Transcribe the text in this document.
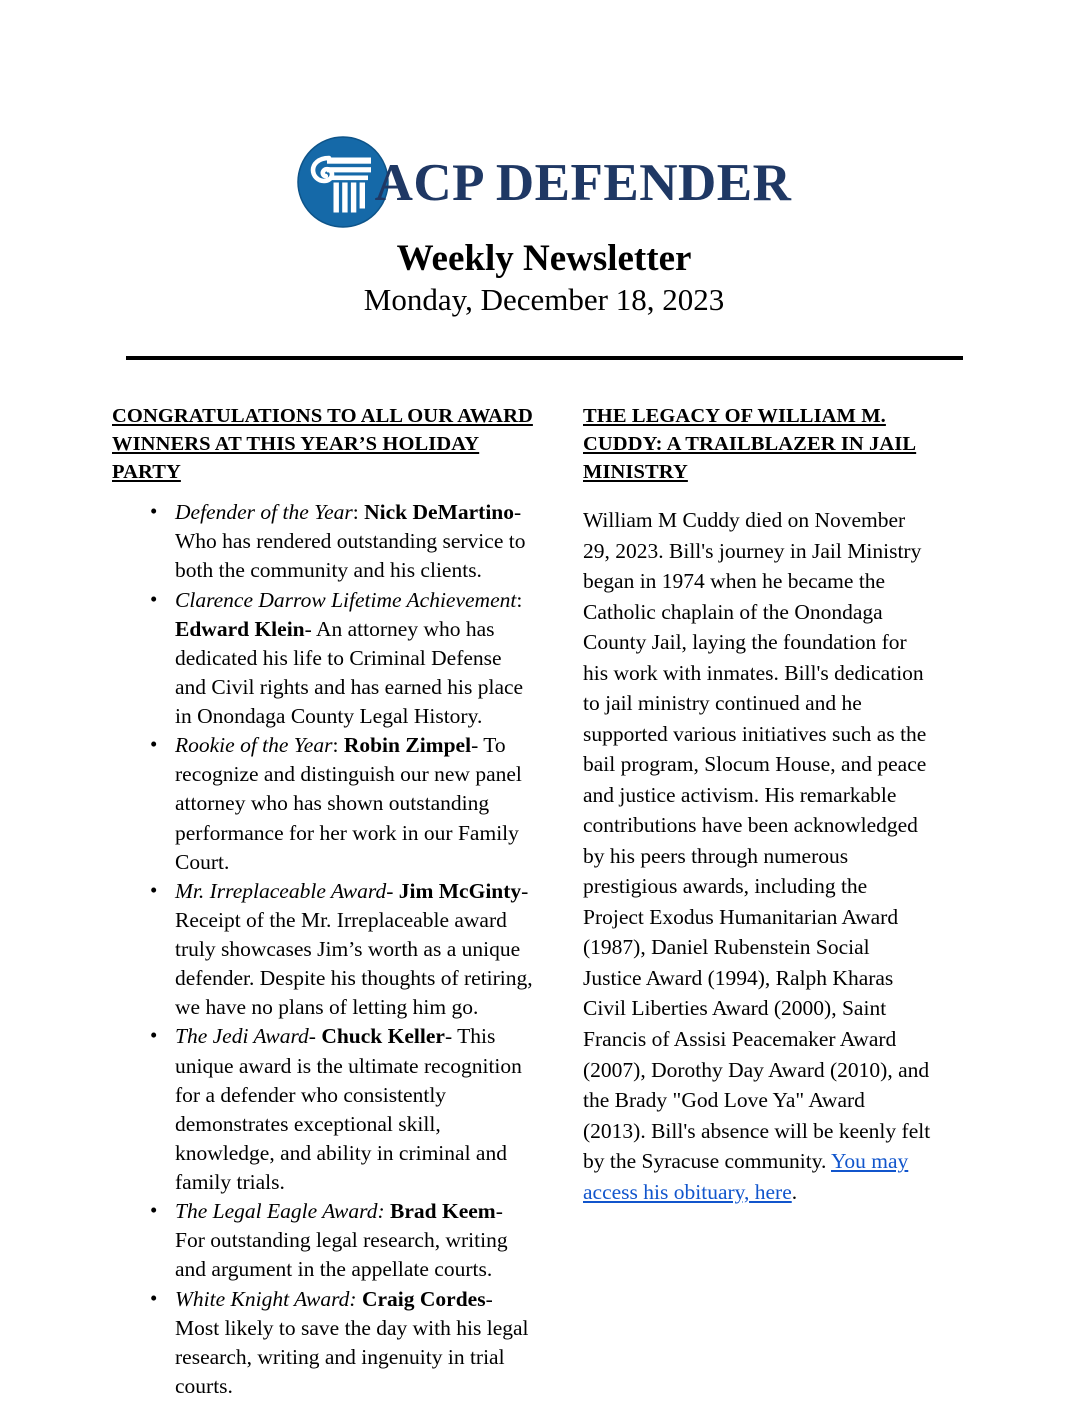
ACP DEFENDER
Weekly Newsletter
Monday, December 18, 2023
CONGRATULATIONS TO ALL OUR AWARD WINNERS AT THIS YEAR’S HOLIDAY PARTY
• Defender of the Year: Nick DeMartino- Who has rendered outstanding service to both the community and his clients.
• Clarence Darrow Lifetime Achievement: Edward Klein- An attorney who has dedicated his life to Criminal Defense and Civil rights and has earned his place in Onondaga County Legal History.
• Rookie of the Year: Robin Zimpel- To recognize and distinguish our new panel attorney who has shown outstanding performance for her work in our Family Court.
• Mr. Irreplaceable Award- Jim McGinty- Receipt of the Mr. Irreplaceable award truly showcases Jim’s worth as a unique defender. Despite his thoughts of retiring, we have no plans of letting him go.
• The Jedi Award- Chuck Keller- This unique award is the ultimate recognition for a defender who consistently demonstrates exceptional skill, knowledge, and ability in criminal and family trials.
• The Legal Eagle Award: Brad Keem- For outstanding legal research, writing and argument in the appellate courts.
• White Knight Award: Craig Cordes- Most likely to save the day with his legal research, writing and ingenuity in trial courts.
THE LEGACY OF WILLIAM M. CUDDY: A TRAILBLAZER IN JAIL MINISTRY
William M Cuddy died on November 29, 2023. Bill's journey in Jail Ministry began in 1974 when he became the Catholic chaplain of the Onondaga County Jail, laying the foundation for his work with inmates. Bill's dedication to jail ministry continued and he supported various initiatives such as the bail program, Slocum House, and peace and justice activism. His remarkable contributions have been acknowledged by his peers through numerous prestigious awards, including the Project Exodus Humanitarian Award (1987), Daniel Rubenstein Social Justice Award (1994), Ralph Kharas Civil Liberties Award (2000), Saint Francis of Assisi Peacemaker Award (2007), Dorothy Day Award (2010), and the Brady "God Love Ya" Award (2013). Bill's absence will be keenly felt by the Syracuse community. You may access his obituary, here.
